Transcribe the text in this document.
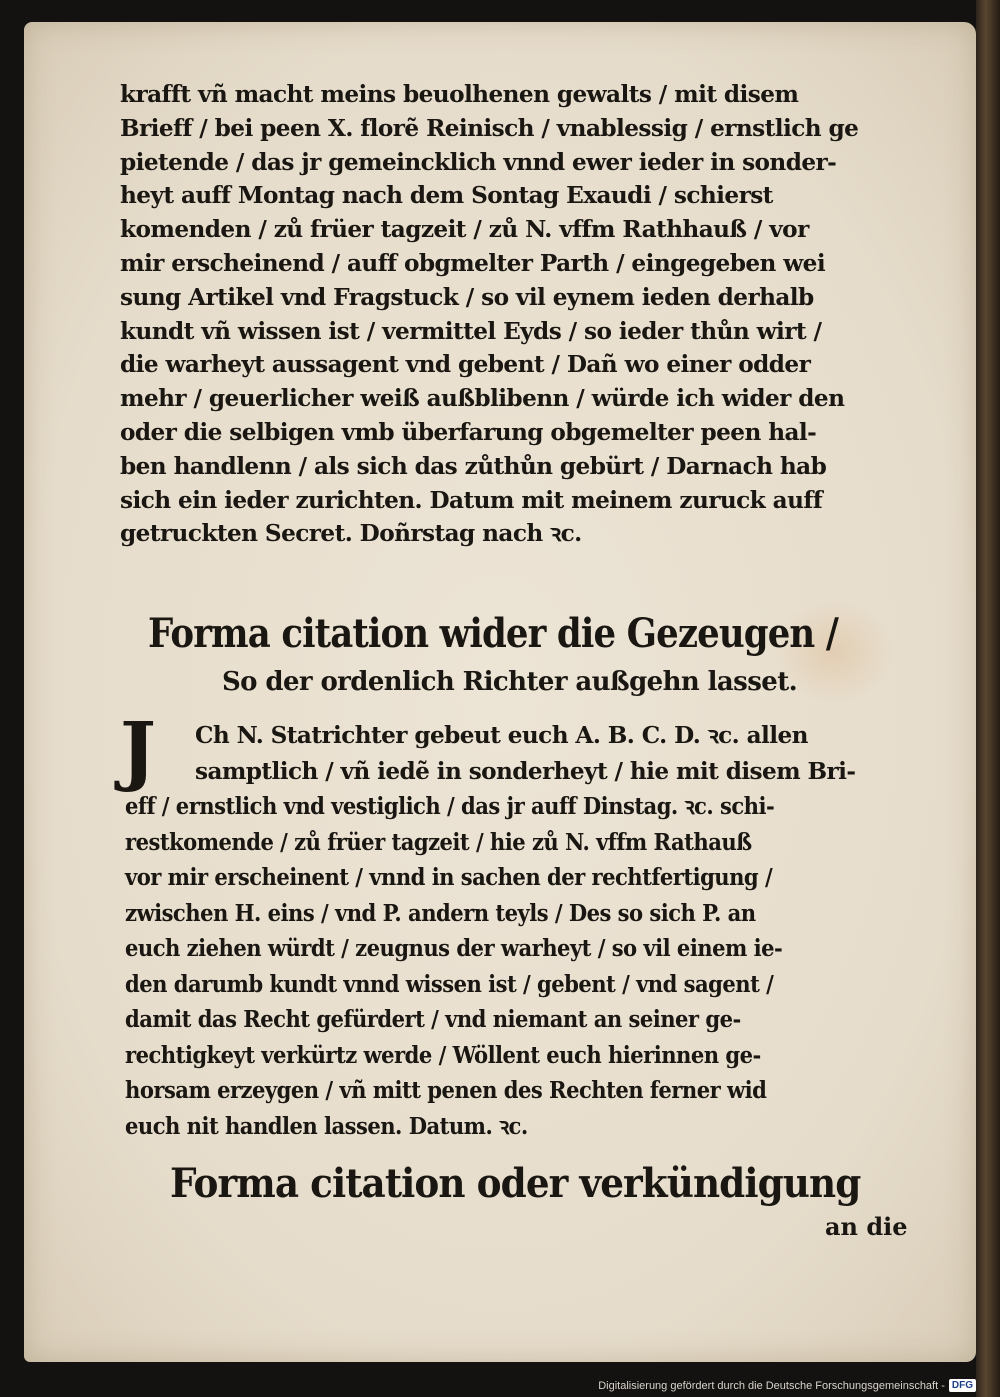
krafft vñ macht meins beuolhenen gewalts / mit disem
Brieff / bei peen X. florẽ Reinisch / vnablessig / ernstlich ge
pietende / das jr gemeincklich vnnd ewer ieder in sonder-
heyt auff Montag nach dem Sontag Exaudi / schierst
komenden / zů früer tagzeit / zů N. vffm Rathhauß / vor
mir erscheinend / auff obgmelter Parth / eingegeben wei
sung Artikel vnd Fragstuck / so vil eynem ieden derhalb
kundt vñ wissen ist / vermittel Eyds / so ieder thůn wirt /
die warheyt aussagent vnd gebent / Dañ wo einer odder
mehr / geuerlicher weiß außblibenn / würde ich wider den
oder die selbigen vmb überfarung obgemelter peen hal-
ben handlenn / als sich das zůthůn gebürt / Darnach hab
sich ein ieder zurichten. Datum mit meinem zuruck auff
getruckten Secret. Doñrstag nach ꝛc.
Forma citation wider die Gezeugen /
So der ordenlich Richter außgehn lasset.
J Ch N. Statrichter gebeut euch A. B. C. D. ꝛc. allen
samptlich / vñ iedẽ in sonderheyt / hie mit disem Bri-
eff / ernstlich vnd vestiglich / das jr auff Dinstag. ꝛc. schi-
restkomende / zů früer tagzeit / hie zů N. vffm Rathauß
vor mir erscheinent / vnnd in sachen der rechtfertigung /
zwischen H. eins / vnd P. andern teyls / Des so sich P. an
euch ziehen würdt / zeugnus der warheyt / so vil einem ie-
den darumb kundt vnnd wissen ist / gebent / vnd sagent /
damit das Recht gefürdert / vnd niemant an seiner ge-
rechtigkeyt verkürtz werde / Wöllent euch hierinnen ge-
horsam erzeygen / vñ mitt penen des Rechten ferner wid
euch nit handlen lassen. Datum. ꝛc.
Forma citation oder verkündigung
an die
Digitalisierung gefördert durch die Deutsche Forschungsgemeinschaft - DFG
